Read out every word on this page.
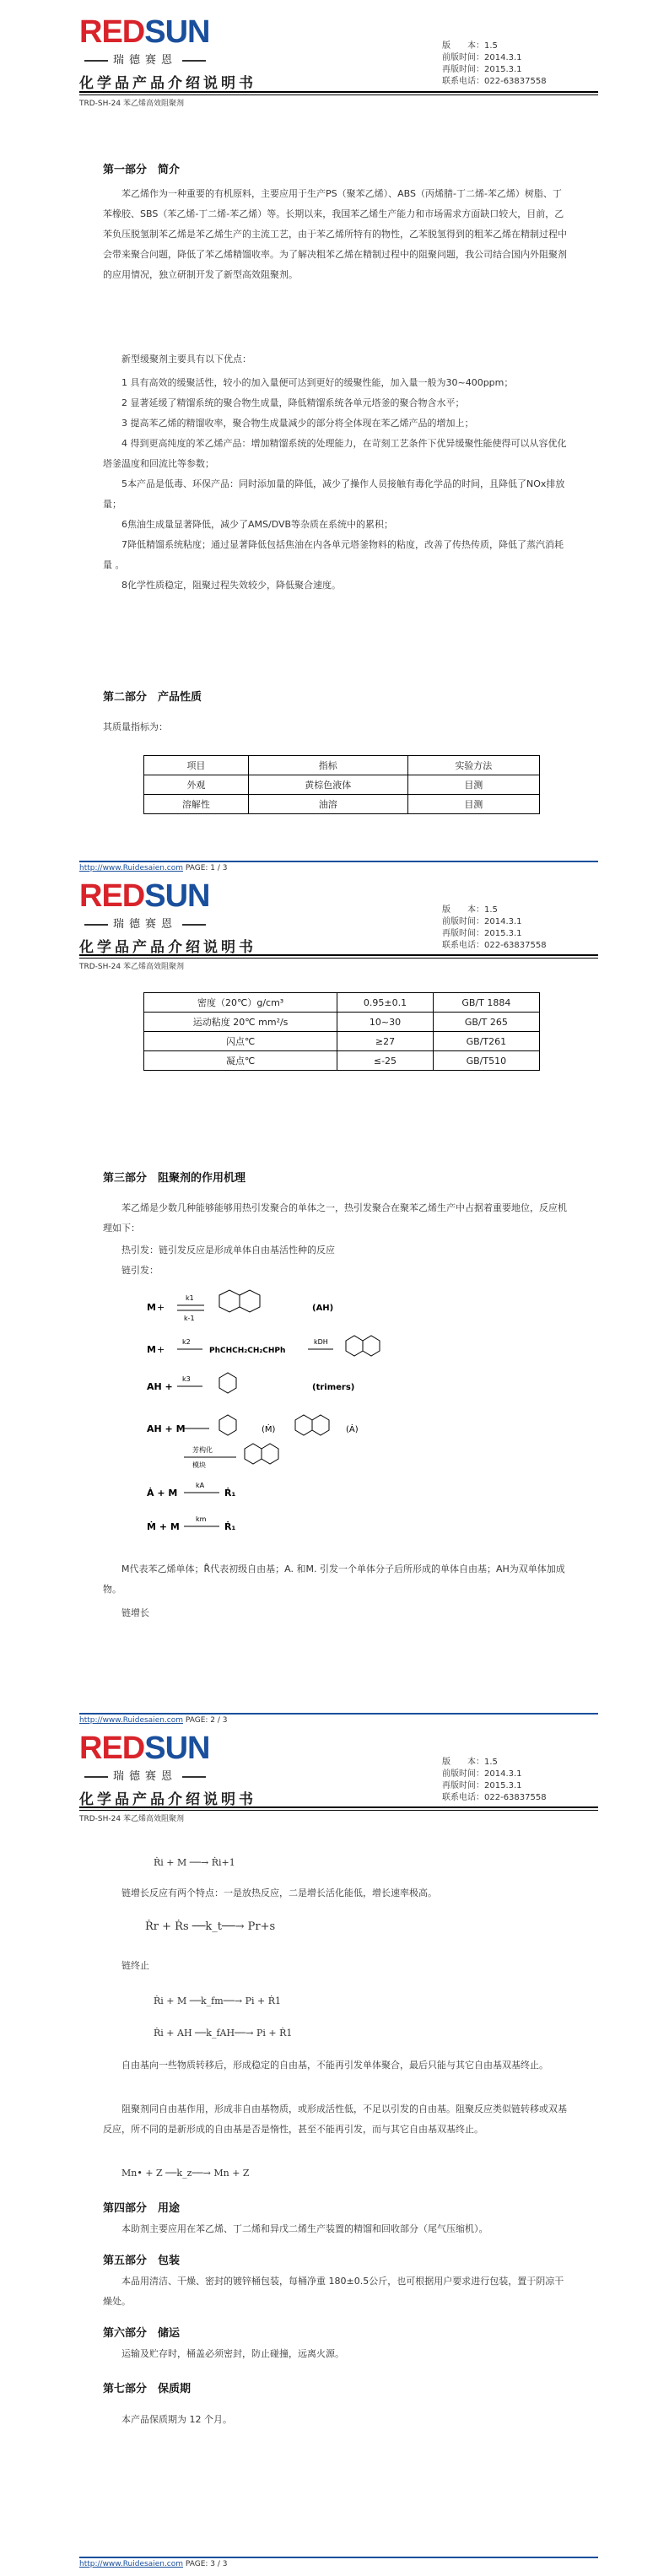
REDSUN
瑞德赛恩
化学品产品介绍说明书
版　　本：1.5
前版时间：2014.3.1
再版时间：2015.3.1
联系电话：022-63837558
TRD-SH-24 苯乙烯高效阻聚剂
第一部分　简介

苯乙烯作为一种重要的有机原料，主要应用于生产PS（聚苯乙烯）、ABS（丙烯腈-丁二烯-苯乙烯）树脂、丁苯橡胶、SBS（苯乙烯-丁二烯-苯乙烯）等。长期以来，我国苯乙烯生产能力和市场需求方面缺口较大，目前，乙苯负压脱氢制苯乙烯是苯乙烯生产的主流工艺，由于苯乙烯所特有的物性，乙苯脱氢得到的粗苯乙烯在精制过程中会带来聚合问题，降低了苯乙烯精馏收率。为了解决粗苯乙烯在精制过程中的阻聚问题，我公司结合国内外阻聚剂的应用情况，独立研制开发了新型高效阻聚剂。

新型缓聚剂主要具有以下优点：

1 具有高效的缓聚活性，较小的加入量便可达到更好的缓聚性能，加入量一般为30~400ppm；

2 显著延缓了精馏系统的聚合物生成量，降低精馏系统各单元塔釜的聚合物含水平；

3 提高苯乙烯的精馏收率，聚合物生成量减少的部分将全体现在苯乙烯产品的增加上；

4 得到更高纯度的苯乙烯产品：增加精馏系统的处理能力，在苛刻工艺条件下优异缓聚性能使得可以从容优化塔釜温度和回流比等参数；

5本产品是低毒、环保产品：同时添加量的降低，减少了操作人员接触有毒化学品的时间，且降低了NOx排放量；

6焦油生成量显著降低，减少了AMS/DVB等杂质在系统中的累积；

7降低精馏系统粘度；通过显著降低包括焦油在内各单元塔釜物料的粘度，改善了传热传质，降低了蒸汽消耗量 。

8化学性质稳定，阻聚过程失效较少，降低聚合速度。

第二部分　产品性质

其质量指标为：

项目	指标	实验方法
外观	黄棕色液体	目测
溶解性	油溶	目测
http://www.Ruidesaien.com PAGE: 1 / 3
REDSUN
瑞德赛恩
化学品产品介绍说明书
版　　本：1.5
前版时间：2014.3.1
再版时间：2015.3.1
联系电话：022-63837558
TRD-SH-24 苯乙烯高效阻聚剂
密度（20℃）g/cm³	0.95±0.1	GB/T 1884
运动粘度 20℃ mm²/s	10~30	GB/T 265
闪点℃	≥27	GB/T261
凝点℃	≤-25	GB/T510
第三部分　阻聚剂的作用机理

苯乙烯是少数几种能够能够用热引发聚合的单体之一，热引发聚合在聚苯乙烯生产中占据着重要地位，反应机理如下：

热引发：链引发反应是形成单体自由基活性种的反应

链引发：

M +
k1
k-1
(AH)
M +
k2
PhCHCH₂CH₂CHPh
kDH
AH +
k3
(trimers)
AH + M	(Ṁ)	(Ȧ)
芳构化
模块
Ȧ + M
kA
Ṙ₁
Ṁ + M
km
Ṙ₁

M代表苯乙烯单体；R̊代表初级自由基；A. 和M. 引发一个单体分子后所形成的单体自由基；AH为双单体加成物。

链增长

http://www.Ruidesaien.com PAGE: 2 / 3
REDSUN
瑞德赛恩
化学品产品介绍说明书
版　　本：1.5
前版时间：2014.3.1
再版时间：2015.3.1
联系电话：022-63837558
TRD-SH-24 苯乙烯高效阻聚剂

Ṙi + M ──→ Ṙi+1

链增长反应有两个特点：一是放热反应，二是增长活化能低，增长速率极高。

Ṙr + Ṙs ──k_t──→ Pr+s

链终止

Ṙi + M ──k_fm──→ Pi + Ṙ1

Ṙi + AH ──k_fAH──→ Pi + Ṙ1

自由基向一些物质转移后，形成稳定的自由基，不能再引发单体聚合，最后只能与其它自由基双基终止。

阻聚剂同自由基作用，形成非自由基物质，或形成活性低，不足以引发的自由基。阻聚反应类似链转移或双基反应，所不同的是新形成的自由基是否是惰性，甚至不能再引发，而与其它自由基双基终止。

Mn• + Z ──k_z──→ Mn + Z

第四部分　用途

本助剂主要应用在苯乙烯、丁二烯和异戊二烯生产装置的精馏和回收部分（尾气压缩机）。

第五部分　包装

本品用清洁、干燥、密封的镀锌桶包装，每桶净重 180±0.5公斤，也可根据用户要求进行包装，置于阴凉干燥处。

第六部分　储运

运输及贮存时，桶盖必须密封，防止碰撞，远离火源。

第七部分　保质期

本产品保质期为 12 个月。

http://www.Ruidesaien.com PAGE: 3 / 3
